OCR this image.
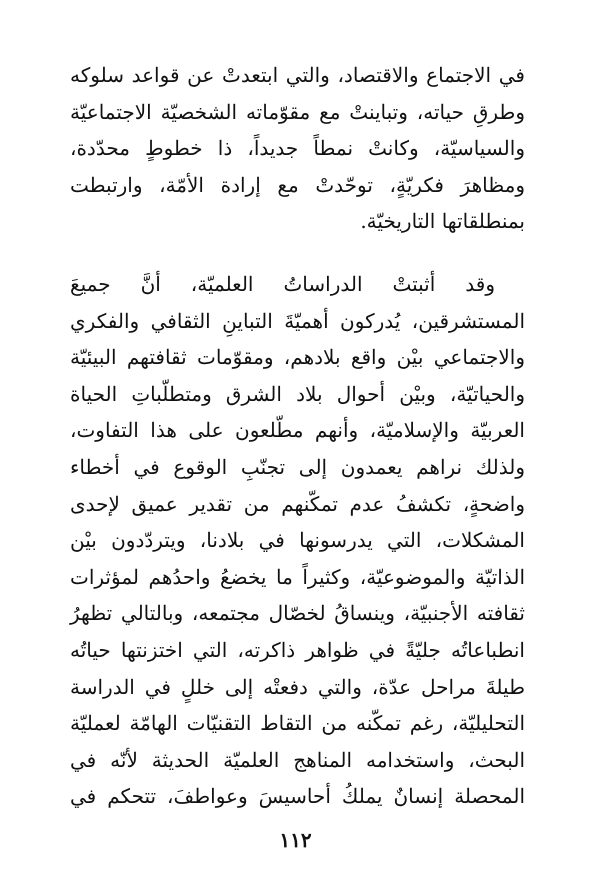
في الاجتماع والاقتصاد، والتي ابتعدتْ عن قواعد سلوكه
وطرقِ حياته، وتباينتْ مع مقوّماته الشخصيّة الاجتماعيّة
والسياسيّة، وكانتْ نمطاً جديداً، ذا خطوطٍ محدّدة،
ومظاهرَ فكريّةٍ، توحّدتْ مع إرادة الأمّة، وارتبطت
بمنطلقاتها التاريخيّة.
وقد أثبتتْ الدراساتُ العلميّة، أنَّ جميعَ
المستشرقين، يُدركون أهميّةَ التباينِ الثقافي والفكري
والاجتماعي بيْن واقع بلادهم، ومقوّمات ثقافتهم البيئيّة
والحياتيّة، وبيْن أحوال بلاد الشرق ومتطلّباتِ الحياة
العربيّة والإسلاميّة، وأنهم مطّلعون على هذا التفاوت،
ولذلك نراهم يعمدون إلى تجنّبِ الوقوع في أخطاء
واضحةٍ، تكشفُ عدم تمكّنهم من تقدير عميق لإحدى
المشكلات، التي يدرسونها في بلادنا، ويتردّدون بيْن
الذاتيّة والموضوعيّة، وكثيراً ما يخضعُ واحدُهم لمؤثرات
ثقافته الأجنبيّة، وينساقُ لخصّال مجتمعه، وبالتالي تظهرُ
انطباعاتُه جليّةً في ظواهر ذاكرته، التي اختزنتها حياتُه
طيلةَ مراحل عدّة، والتي دفعتْه إلى خللٍ في الدراسة
التحليليّة، رغم تمكّنه من التقاط التقنيّات الهامّة لعمليّة
البحث، واستخدامه المناهج العلميّة الحديثة لأنّه في
المحصلة إنسانٌ يملكُ أحاسيسَ وعواطفَ، تتحكم في
١١٢
